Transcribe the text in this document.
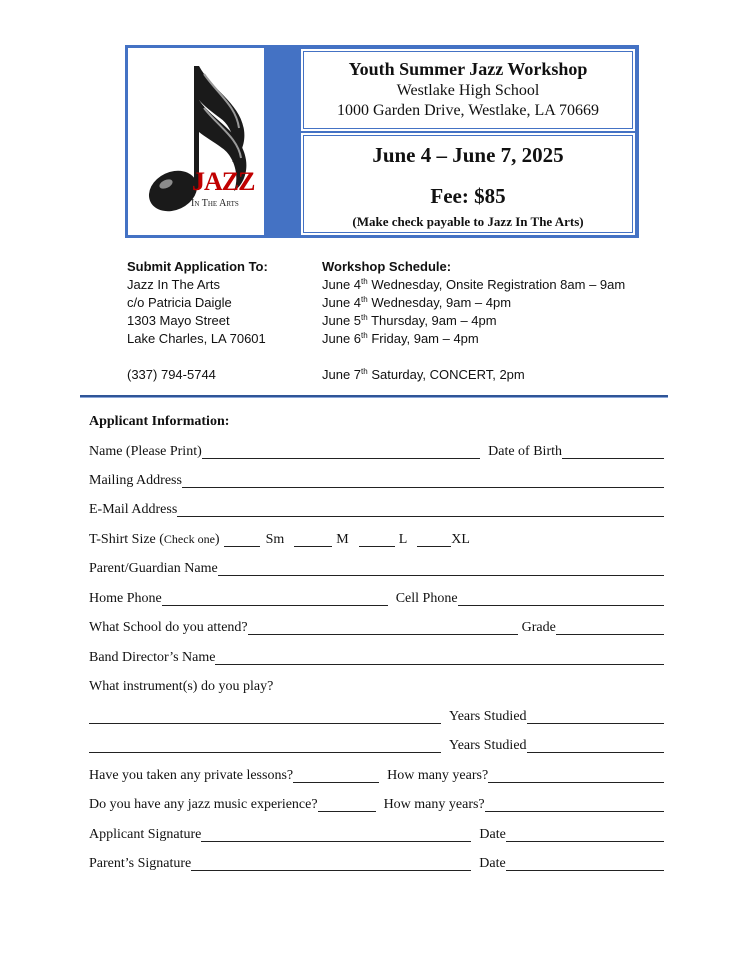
JAZZ
In The Arts
Youth Summer Jazz Workshop
Westlake High School
1000 Garden Drive, Westlake, LA 70669
June 4 – June 7, 2025
Fee: $85
(Make check payable to Jazz In The Arts)
Submit Application To:
Jazz In The Arts
c/o Patricia Daigle
1303 Mayo Street
Lake Charles, LA 70601
(337) 794-5744
Workshop Schedule:
June 4th Wednesday, Onsite Registration 8am – 9am
June 4th Wednesday, 9am – 4pm
June 5th Thursday, 9am – 4pm
June 6th Friday, 9am – 4pm
June 7th Saturday, CONCERT, 2pm
Applicant Information:
Name (Please Print)	Date of Birth
Mailing Address
E-Mail Address
T-Shirt Size (Check one)	Sm	M	L	XL
Parent/Guardian Name
Home Phone	Cell Phone
What School do you attend?	Grade
Band Director’s Name
What instrument(s) do you play?
Years Studied
Years Studied
Have you taken any private lessons?	How many years?
Do you have any jazz music experience?	How many years?
Applicant Signature	Date
Parent’s Signature	Date
